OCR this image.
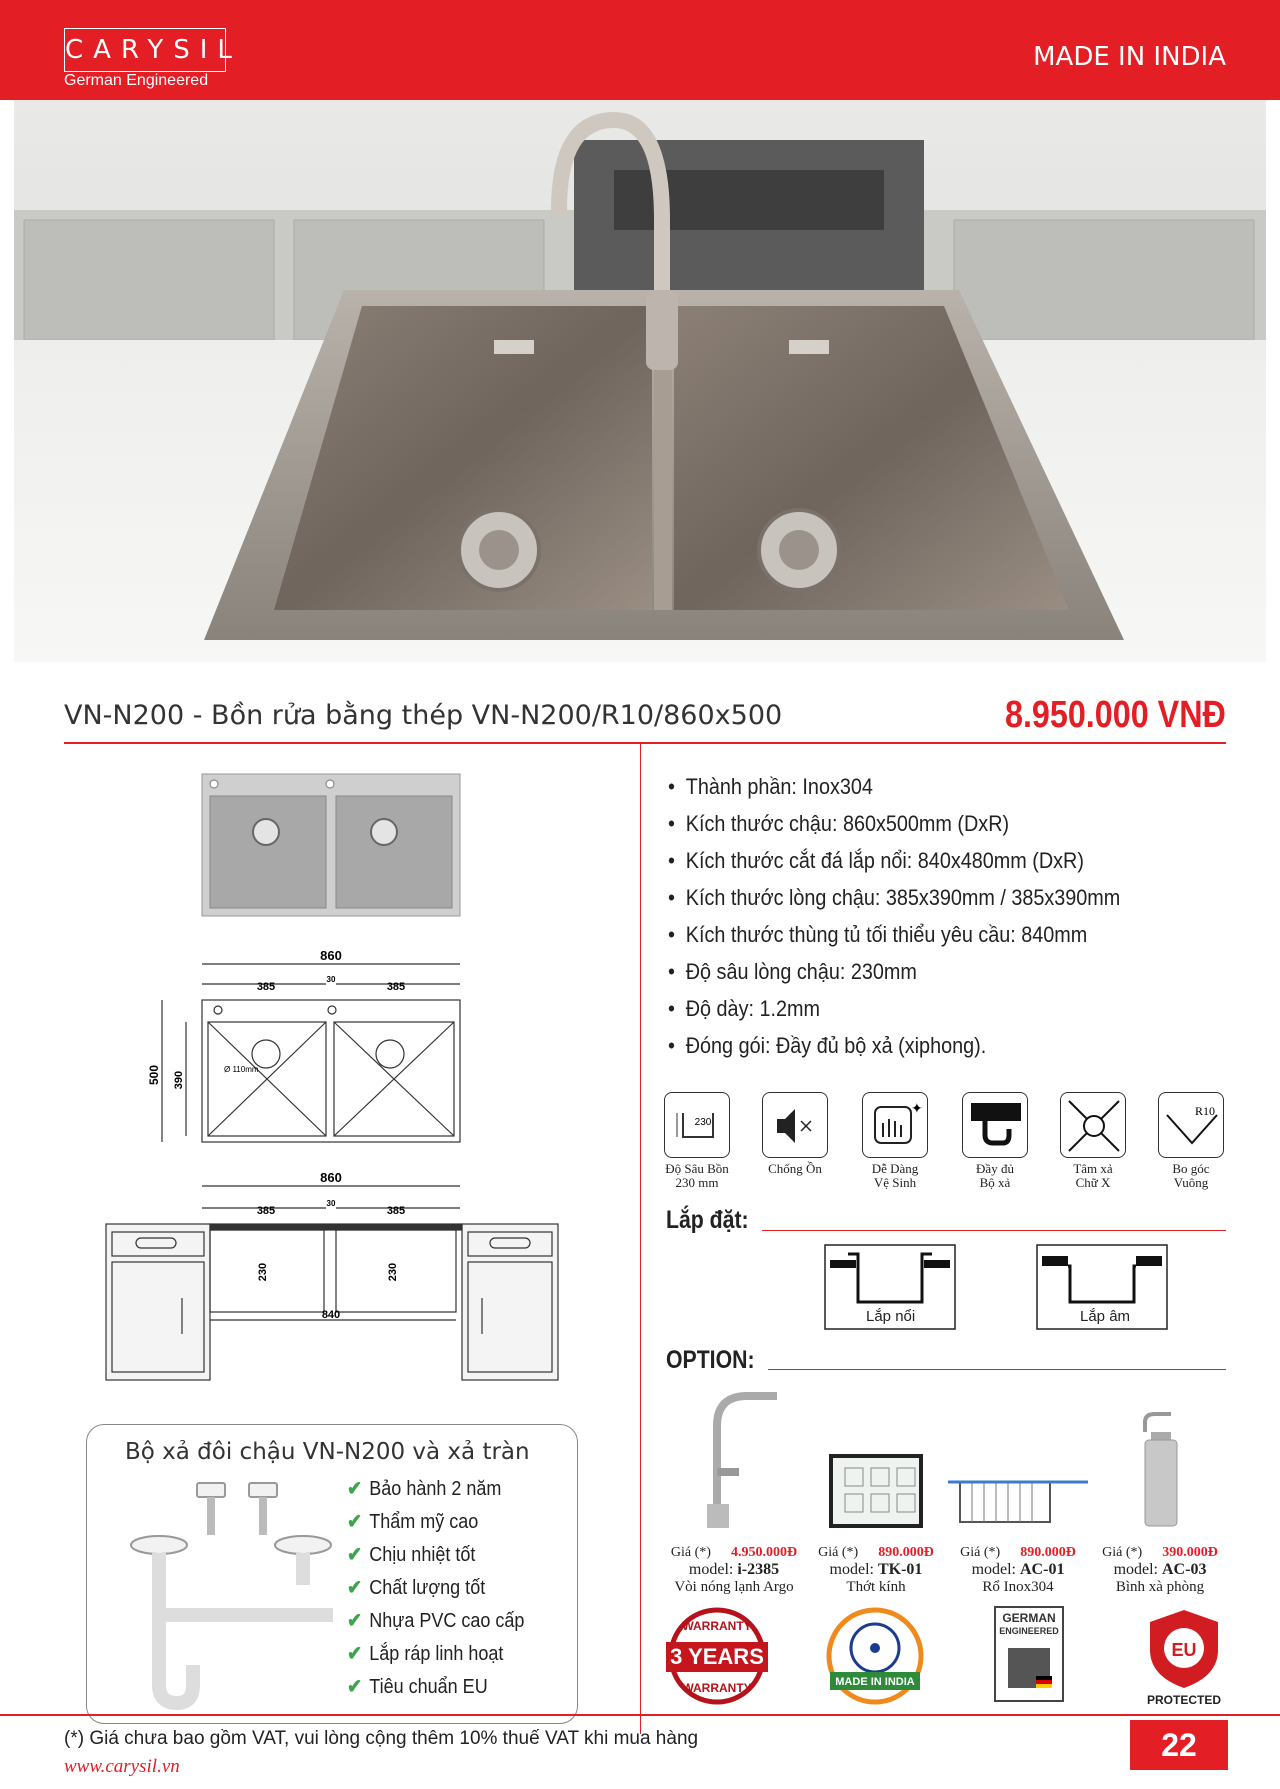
CARYSIL
German Engineered
MADE IN INDIA
VN-N200 - Bồn rửa bằng thép VN-N200/R10/860x500	8.950.000 VNĐ
860
385
30
385
500 390
Ø 110mm
860
385
30
385
230	230
840
• Thành phần: Inox304
• Kích thước chậu: 860x500mm (DxR)
• Kích thước cắt đá lắp nổi: 840x480mm (DxR)
• Kích thước lòng chậu: 385x390mm / 385x390mm
• Kích thước thùng tủ tối thiểu yêu cầu: 840mm
• Độ sâu lòng chậu: 230mm
• Độ dày: 1.2mm
• Đóng gói: Đầy đủ bộ xả (xiphong).
230
Độ Sâu Bồn
230 mm
Chống Ồn
✦
Dễ Dàng
Vệ Sinh
Đầy đủ
Bộ xả
Tâm xả
Chữ X
R10
Bo góc
Vuông
Lắp đặt:
Lắp nổi	Lắp âm
OPTION:
Giá (*) 4.950.000Đ
model: i-2385
Vòi nóng lạnh Argo
Giá (*) 890.000Đ
model: TK-01
Thớt kính
Giá (*) 890.000Đ
model: AC-01
Rổ Inox304
Giá (*) 390.000Đ
model: AC-03
Bình xà phòng
WARRANTY
3 YEARS
WARRANTY	MADE IN INDIA
GERMAN
ENGINEERED
EU
PROTECTED
Bộ xả đôi chậu VN-N200 và xả tràn
✔ Bảo hành 2 năm
✔ Thẩm mỹ cao
✔ Chịu nhiệt tốt
✔ Chất lượng tốt
✔ Nhựa PVC cao cấp
✔ Lắp ráp linh hoạt
✔ Tiêu chuẩn EU
(*) Giá chưa bao gồm VAT, vui lòng cộng thêm 10% thuế VAT khi mua hàng
www.carysil.vn
22
